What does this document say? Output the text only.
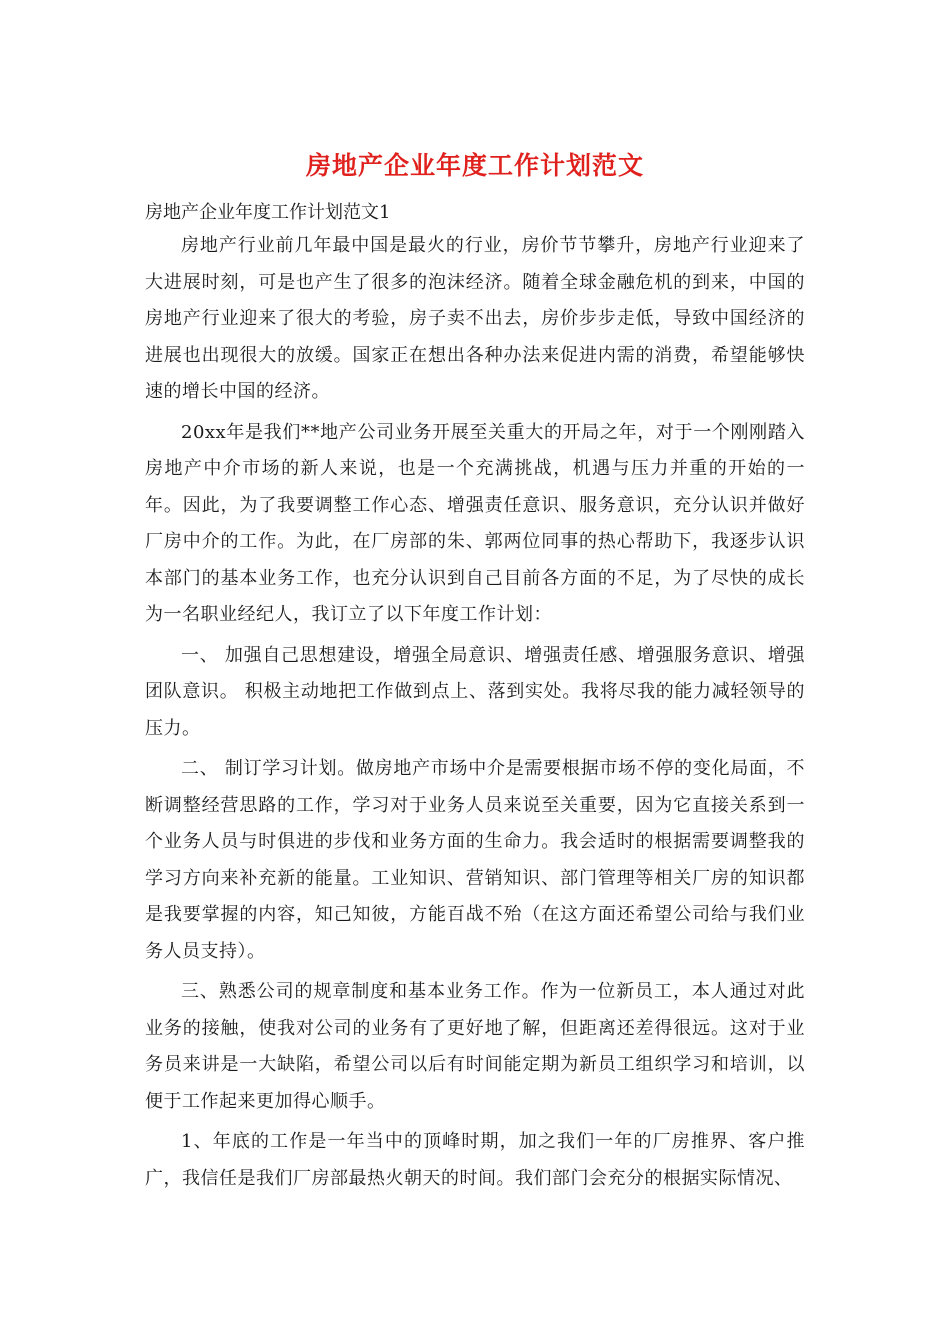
房地产企业年度工作计划范文

房地产企业年度工作计划范文1

房地产行业前几年最中国是最火的行业，房价节节攀升，房地产行业迎来了大进展时刻，可是也产生了很多的泡沫经济。随着全球金融危机的到来，中国的房地产行业迎来了很大的考验，房子卖不出去，房价步步走低，导致中国经济的进展也出现很大的放缓。国家正在想出各种办法来促进内需的消费，希望能够快速的增长中国的经济。

20xx年是我们**地产公司业务开展至关重大的开局之年，对于一个刚刚踏入房地产中介市场的新人来说，也是一个充满挑战，机遇与压力并重的开始的一年。因此，为了我要调整工作心态、增强责任意识、服务意识，充分认识并做好厂房中介的工作。为此，在厂房部的朱、郭两位同事的热心帮助下，我逐步认识本部门的基本业务工作，也充分认识到自己目前各方面的不足，为了尽快的成长为一名职业经纪人，我订立了以下年度工作计划：

一、 加强自己思想建设，增强全局意识、增强责任感、增强服务意识、增强团队意识。 积极主动地把工作做到点上、落到实处。我将尽我的能力减轻领导的压力。

二、 制订学习计划。做房地产市场中介是需要根据市场不停的变化局面，不断调整经营思路的工作，学习对于业务人员来说至关重要，因为它直接关系到一个业务人员与时俱进的步伐和业务方面的生命力。我会适时的根据需要调整我的学习方向来补充新的能量。工业知识、营销知识、部门管理等相关厂房的知识都是我要掌握的内容，知己知彼，方能百战不殆（在这方面还希望公司给与我们业务人员支持）。

三、熟悉公司的规章制度和基本业务工作。作为一位新员工，本人通过对此业务的接触，使我对公司的业务有了更好地了解，但距离还差得很远。这对于业务员来讲是一大缺陷，希望公司以后有时间能定期为新员工组织学习和培训，以便于工作起来更加得心顺手。

1、年底的工作是一年当中的顶峰时期，加之我们一年的厂房推界、客户推广，我信任是我们厂房部最热火朝天的时间。我们部门会充分的根据实际情况、
